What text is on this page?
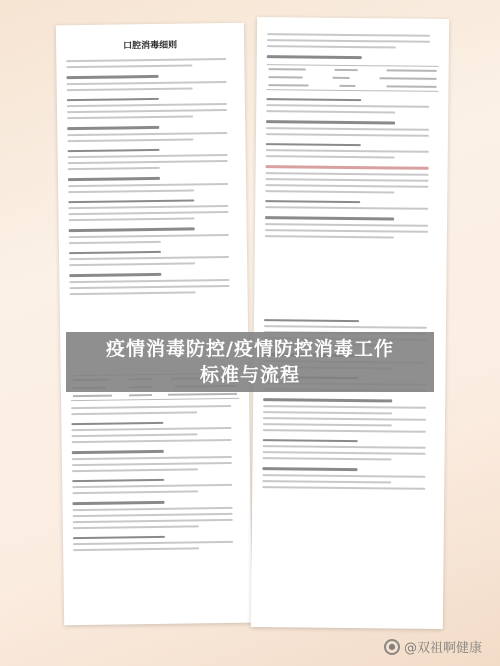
口腔消毒细则
疫情消毒防控/疫情防控消毒工作标准与流程
● @双祖啊健康
